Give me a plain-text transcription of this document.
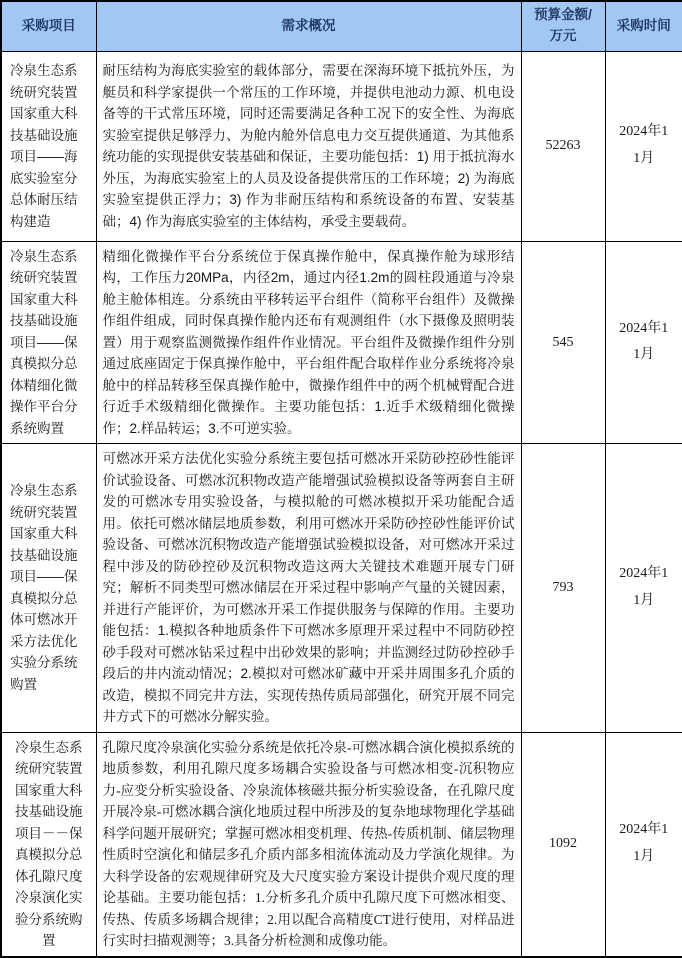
采购项目	需求概况	预算金额/万元	采购时间
冷泉生态系统研究装置国家重大科技基础设施项目——海底实验室分总体耐压结构建造	耐压结构为海底实验室的载体部分，需要在深海环境下抵抗外压，为艇员和科学家提供一个常压的工作环境，并提供电池动力源、机电设备等的干式常压环境，同时还需要满足各种工况下的安全性、为海底实验室提供足够浮力、为舱内舱外信息电力交互提供通道、为其他系统功能的实现提供安装基础和保证，主要功能包括：1) 用于抵抗海水外压，为海底实验室上的人员及设备提供常压的工作环境；2) 为海底实验室提供正浮力；3) 作为非耐压结构和系统设备的布置、安装基础；4) 作为海底实验室的主体结构，承受主要载荷。	52263	2024年11月
冷泉生态系统研究装置国家重大科技基础设施项目——保真模拟分总体精细化微操作平台分系统购置	精细化微操作平台分系统位于保真操作舱中，保真操作舱为球形结构，工作压力20MPa，内径2m，通过内径1.2m的圆柱段通道与冷泉舱主舱体相连。分系统由平移转运平台组件（简称平台组件）及微操作组件组成，同时保真操作舱内还布有观测组件（水下摄像及照明装置）用于观察监测微操作组件作业情况。平台组件及微操作组件分别通过底座固定于保真操作舱中，平台组件配合取样作业分系统将冷泉舱中的样品转移至保真操作舱中，微操作组件中的两个机械臂配合进行近手术级精细化微操作。主要功能包括：1.近手术级精细化微操作；2.样品转运；3.不可逆实验。	545	2024年11月
冷泉生态系统研究装置国家重大科技基础设施项目——保真模拟分总体可燃冰开采方法优化实验分系统购置	可燃冰开采方法优化实验分系统主要包括可燃冰开采防砂控砂性能评价试验设备、可燃冰沉积物改造产能增强试验模拟设备等两套自主研发的可燃冰专用实验设备，与模拟舱的可燃冰模拟开采功能配合适用。依托可燃冰储层地质参数，利用可燃冰开采防砂控砂性能评价试验设备、可燃冰沉积物改造产能增强试验模拟设备，对可燃冰开采过程中涉及的防砂控砂及沉积物改造这两大关键技术难题开展专门研究；解析不同类型可燃冰储层在开采过程中影响产气量的关键因素，并进行产能评价，为可燃冰开采工作提供服务与保障的作用。主要功能包括：1.模拟各种地质条件下可燃冰多原理开采过程中不同防砂控砂手段对可燃冰钻采过程中出砂效果的影响；并监测经过防砂控砂手段后的井内流动情况；2.模拟对可燃冰矿藏中开采井周围多孔介质的改造，模拟不同完井方法，实现传热传质局部强化，研究开展不同完井方式下的可燃冰分解实验。	793	2024年11月
冷泉生态系统研究装置国家重大科技基础设施项目－－保真模拟分总体孔隙尺度冷泉演化实验分系统购置	孔隙尺度冷泉演化实验分系统是依托冷泉-可燃冰耦合演化模拟系统的地质参数，利用孔隙尺度多场耦合实验设备与可燃冰相变-沉积物应力-应变分析实验设备、冷泉流体核磁共振分析实验设备，在孔隙尺度开展冷泉-可燃冰耦合演化地质过程中所涉及的复杂地球物理化学基础科学问题开展研究；掌握可燃冰相变机理、传热-传质机制、储层物理性质时空演化和储层多孔介质内部多相流体流动及力学演化规律。为大科学设备的宏观规律研究及大尺度实验方案设计提供介观尺度的理论基础。主要功能包括：1.分析多孔介质中孔隙尺度下可燃冰相变、传热、传质多场耦合规律；2.用以配合高精度CT进行使用，对样品进行实时扫描观测等；3.具备分析检测和成像功能。	1092	2024年11月
